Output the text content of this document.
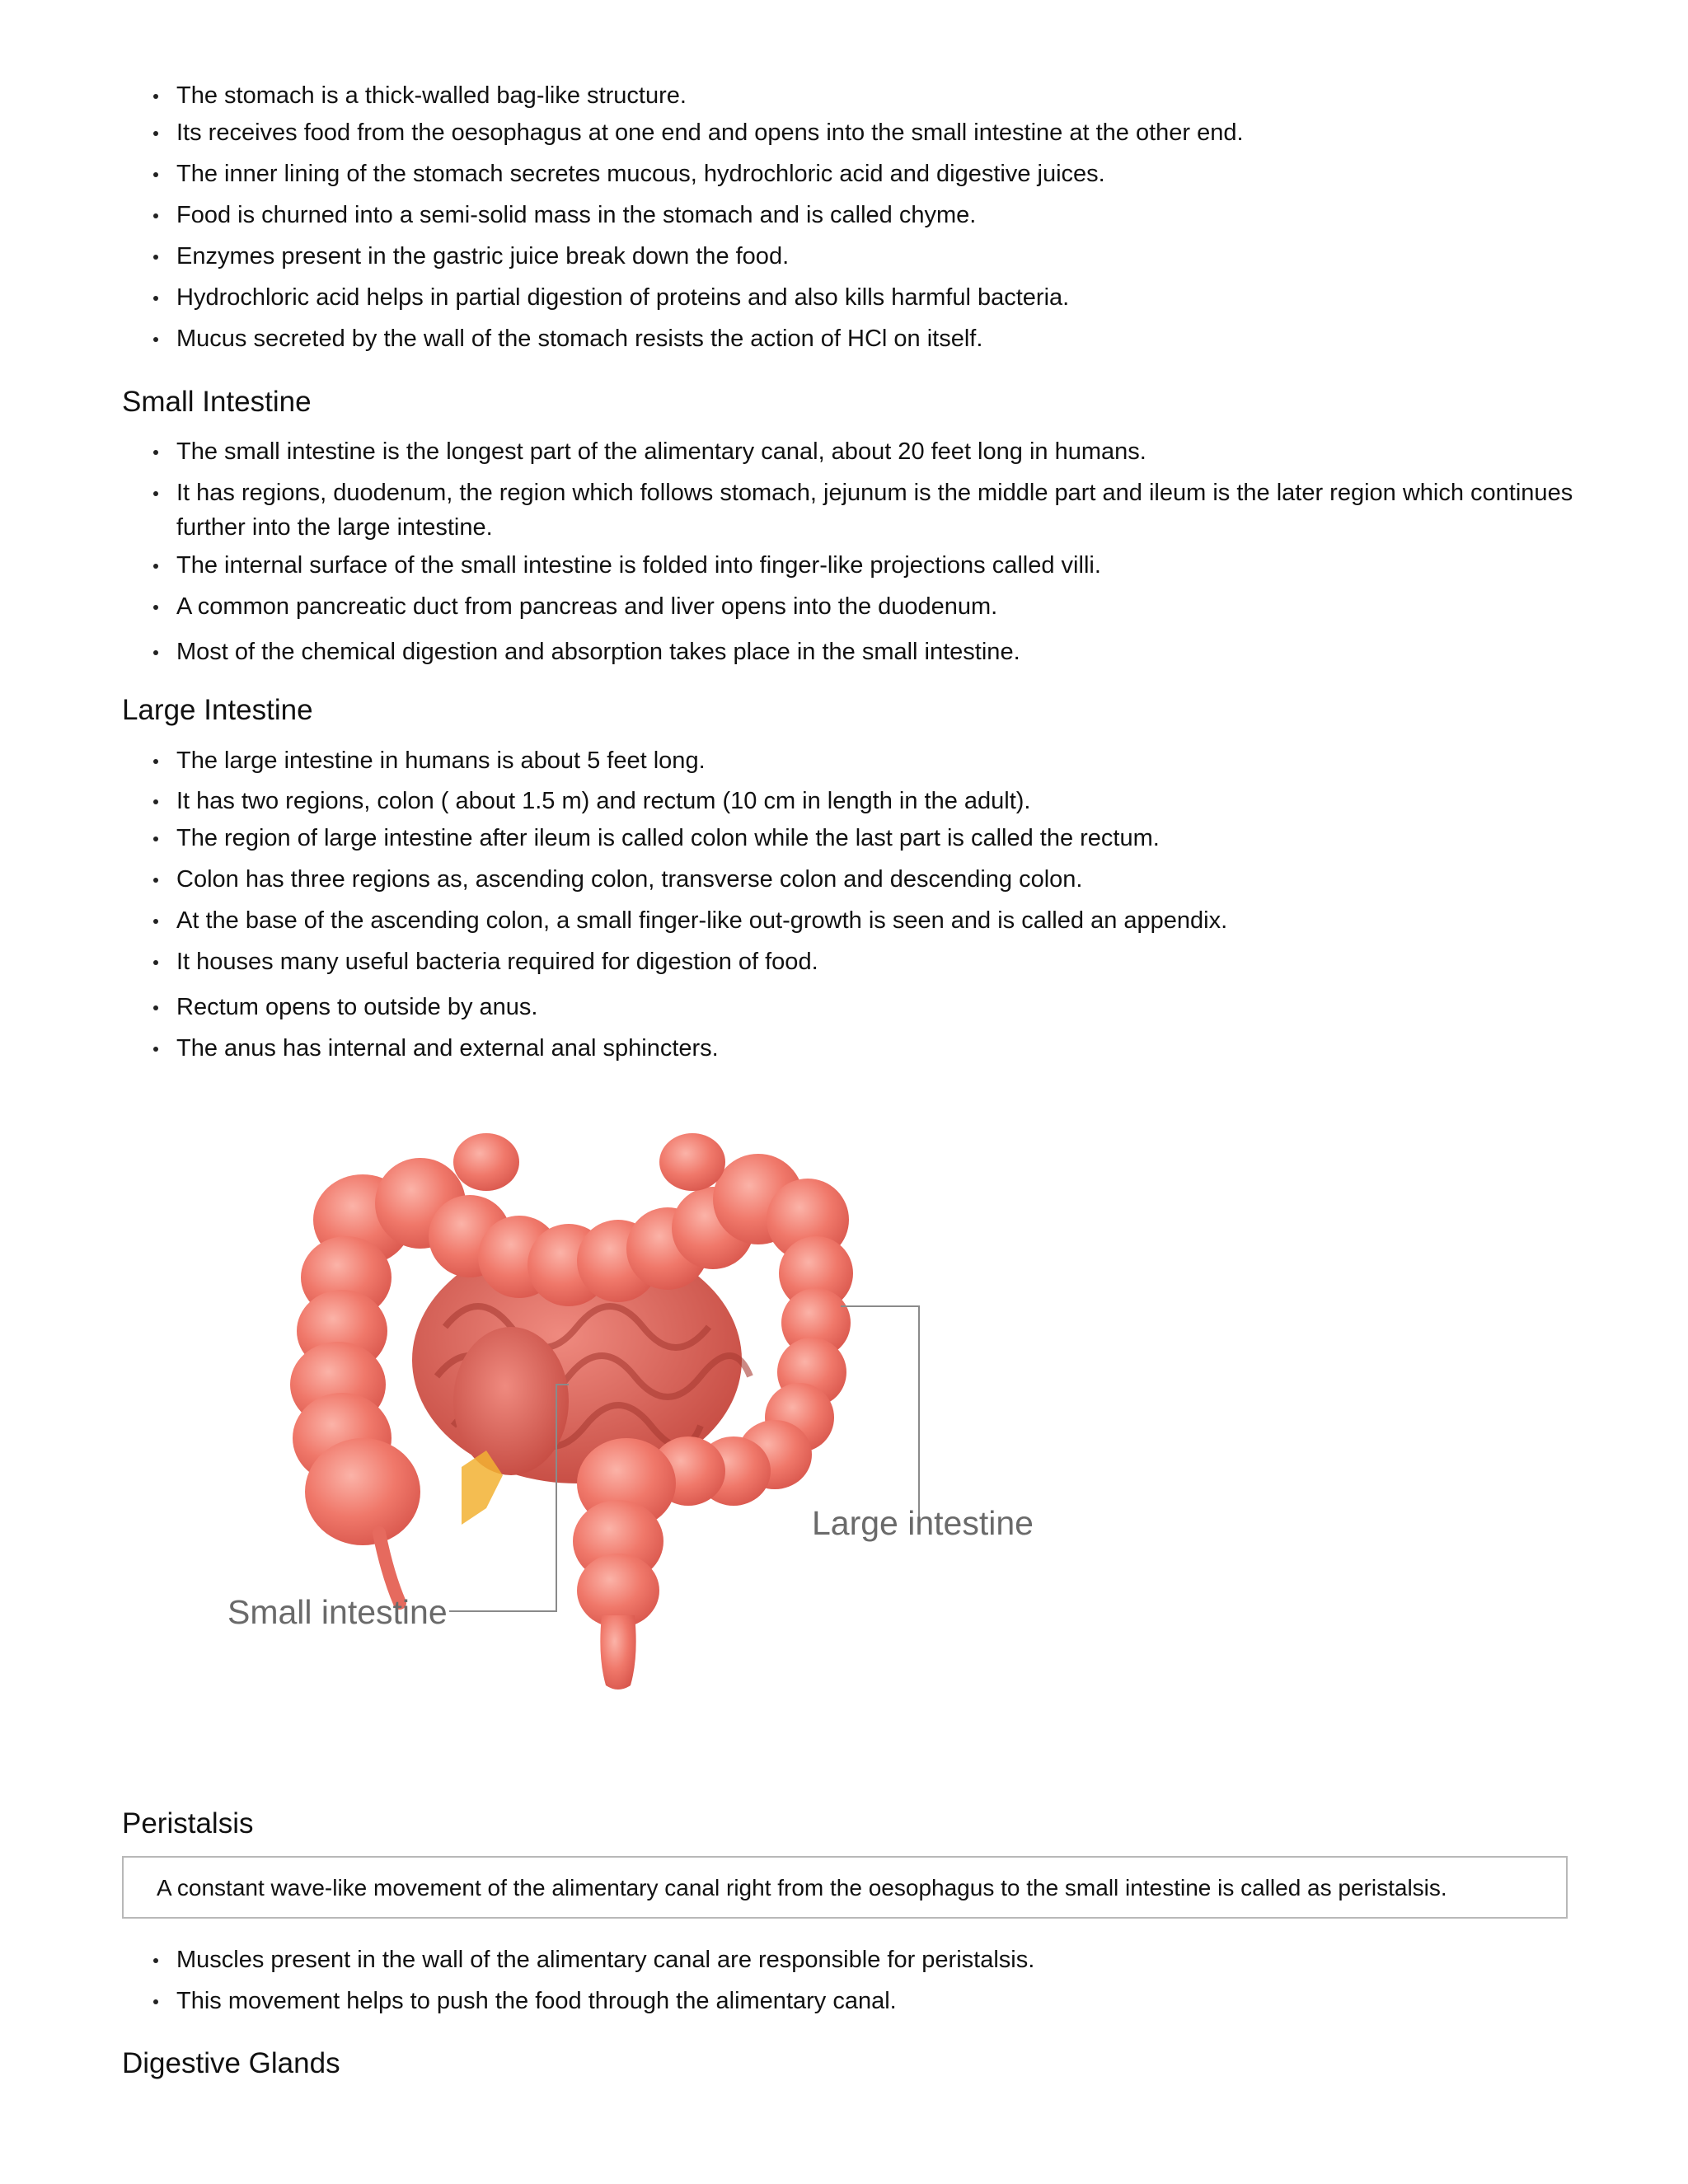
The stomach is a thick-walled bag-like structure.
Its receives food from the oesophagus at one end and opens into the small intestine at the other end.
The inner lining of the stomach secretes mucous, hydrochloric acid and digestive juices.
Food is churned into a semi-solid mass in the stomach and is called chyme.
Enzymes present in the gastric juice break down the food.
Hydrochloric acid helps in partial digestion of proteins and also kills harmful bacteria.
Mucus secreted by the wall of the stomach resists the action of HCl on itself.
Small Intestine
The small intestine is the longest part of the alimentary canal, about 20 feet long in humans.
It has regions, duodenum, the region which follows stomach, jejunum is the middle part and ileum is the later region which continues further into the large intestine.
The internal surface of the small intestine is folded into finger-like projections called villi.
A common pancreatic duct from pancreas and liver opens into the duodenum.
Most of the chemical digestion and absorption takes place in the small intestine.
Large Intestine
The large intestine in humans is about 5 feet long.
It has two regions, colon ( about 1.5 m) and rectum (10 cm in length in the adult).
The region of large intestine after ileum is called colon while the last part is called the rectum.
Colon has three regions as, ascending colon, transverse colon and descending colon.
At the base of the ascending colon, a small finger-like out-growth is seen and is called an appendix.
It houses many useful bacteria required for digestion of food.
Rectum opens to outside by anus.
The anus has internal and external anal sphincters.
Large intestine
Small intestine
Peristalsis
A constant wave-like movement of the alimentary canal right from the oesophagus to the small intestine is called as peristalsis.
Muscles present in the wall of the alimentary canal are responsible for peristalsis.
This movement helps to push the food through the alimentary canal.
Digestive Glands
